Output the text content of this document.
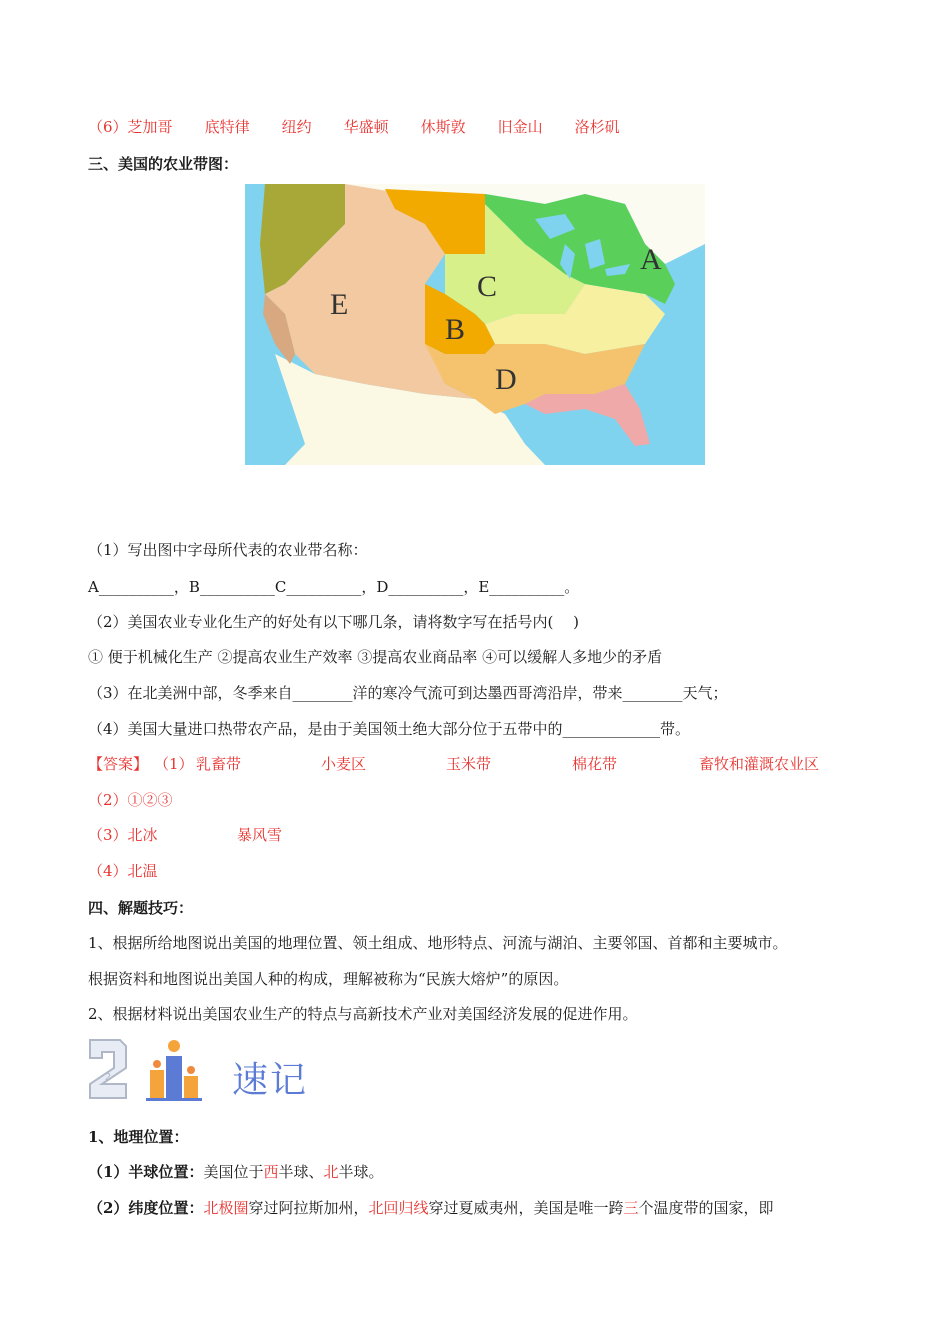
（6）芝加哥 底特律 纽约 华盛顿 休斯敦 旧金山 洛杉矶
三、美国的农业带图：
E
B
C
D
A
（1）写出图中字母所代表的农业带名称：
A__________，B__________C__________，D__________，E__________。
（2）美国农业专业化生产的好处有以下哪几条，请将数字写在括号内(　 )
① 便于机械化生产 ②提高农业生产效率 ③提高农业商品率 ④可以缓解人多地少的矛盾
（3）在北美洲中部，冬季来自________洋的寒冷气流可到达墨西哥湾沿岸，带来________天气；
（4）美国大量进口热带农产品，是由于美国领土绝大部分位于五带中的_____________带。
【答案】 （1） 乳畜带	小麦区	玉米带	棉花带	畜牧和灌溉农业区
（2）①②③
（3）北冰	暴风雪
（4）北温
四、解题技巧：
1、根据所给地图说出美国的地理位置、领土组成、地形特点、河流与湖泊、主要邻国、首都和主要城市。
根据资料和地图说出美国人种的构成，理解被称为“民族大熔炉”的原因。
2、根据材料说出美国农业生产的特点与高新技术产业对美国经济发展的促进作用。
2	速记
1、地理位置：
（1）半球位置：美国位于西半球、北半球。
（2）纬度位置：北极圈穿过阿拉斯加州，北回归线穿过夏威夷州，美国是唯一跨三个温度带的国家，即
